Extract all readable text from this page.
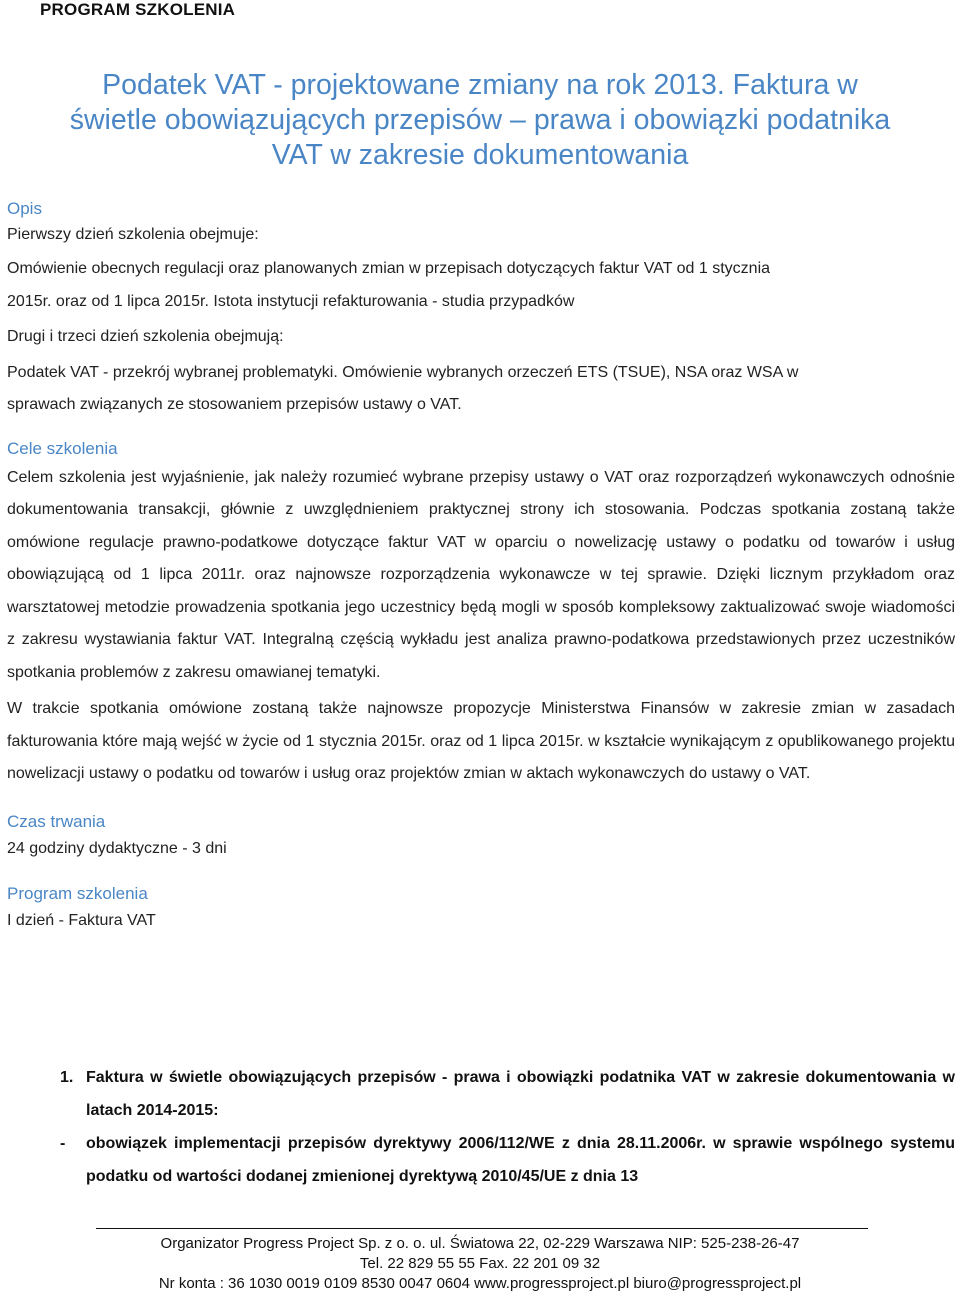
PROGRAM SZKOLENIA
Podatek VAT - projektowane zmiany na rok 2013. Faktura w
świetle obowiązujących przepisów – prawa i obowiązki podatnika
VAT w zakresie dokumentowania

Opis

Pierwszy dzień szkolenia obejmuje:

Omówienie obecnych regulacji oraz planowanych zmian w przepisach dotyczących faktur VAT od 1 stycznia

2015r. oraz od 1 lipca 2015r. Istota instytucji refakturowania - studia przypadków

Drugi i trzeci dzień szkolenia obejmują:

Podatek VAT - przekrój wybranej problematyki. Omówienie wybranych orzeczeń ETS (TSUE), NSA oraz WSA w

sprawach związanych ze stosowaniem przepisów ustawy o VAT.

Cele szkolenia

Celem szkolenia jest wyjaśnienie, jak należy rozumieć wybrane przepisy ustawy o VAT oraz rozporządzeń wykonawczych odnośnie dokumentowania transakcji, głównie z uwzględnieniem praktycznej strony ich stosowania. Podczas spotkania zostaną także omówione regulacje prawno-podatkowe dotyczące faktur VAT w oparciu o nowelizację ustawy o podatku od towarów i usług obowiązującą od 1 lipca 2011r. oraz najnowsze rozporządzenia wykonawcze w tej sprawie. Dzięki licznym przykładom oraz warsztatowej metodzie prowadzenia spotkania jego uczestnicy będą mogli w sposób kompleksowy zaktualizować swoje wiadomości z zakresu wystawiania faktur VAT. Integralną częścią wykładu jest analiza prawno-podatkowa przedstawionych przez uczestników spotkania problemów z zakresu omawianej tematyki.

W trakcie spotkania omówione zostaną także najnowsze propozycje Ministerstwa Finansów w zakresie zmian w zasadach fakturowania które mają wejść w życie od 1 stycznia 2015r. oraz od 1 lipca 2015r. w kształcie wynikającym z opublikowanego projektu nowelizacji ustawy o podatku od towarów i usług oraz projektów zmian w aktach wykonawczych do ustawy o VAT.

Czas trwania

24 godziny dydaktyczne - 3 dni

Program szkolenia

I dzień - Faktura VAT

1. Faktura w świetle obowiązujących przepisów - prawa i obowiązki podatnika VAT w zakresie dokumentowania w latach 2014-2015:
-	obowiązek implementacji przepisów dyrektywy 2006/112/WE z dnia 28.11.2006r. w sprawie wspólnego systemu podatku od wartości dodanej zmienionej dyrektywą 2010/45/UE z dnia 13
Organizator Progress Project Sp. z o. o. ul. Światowa 22, 02-229 Warszawa NIP: 525-238-26-47
Tel. 22 829 55 55 Fax. 22 201 09 32
Nr konta : 36 1030 0019 0109 8530 0047 0604 www.progressproject.pl biuro@progressproject.pl
